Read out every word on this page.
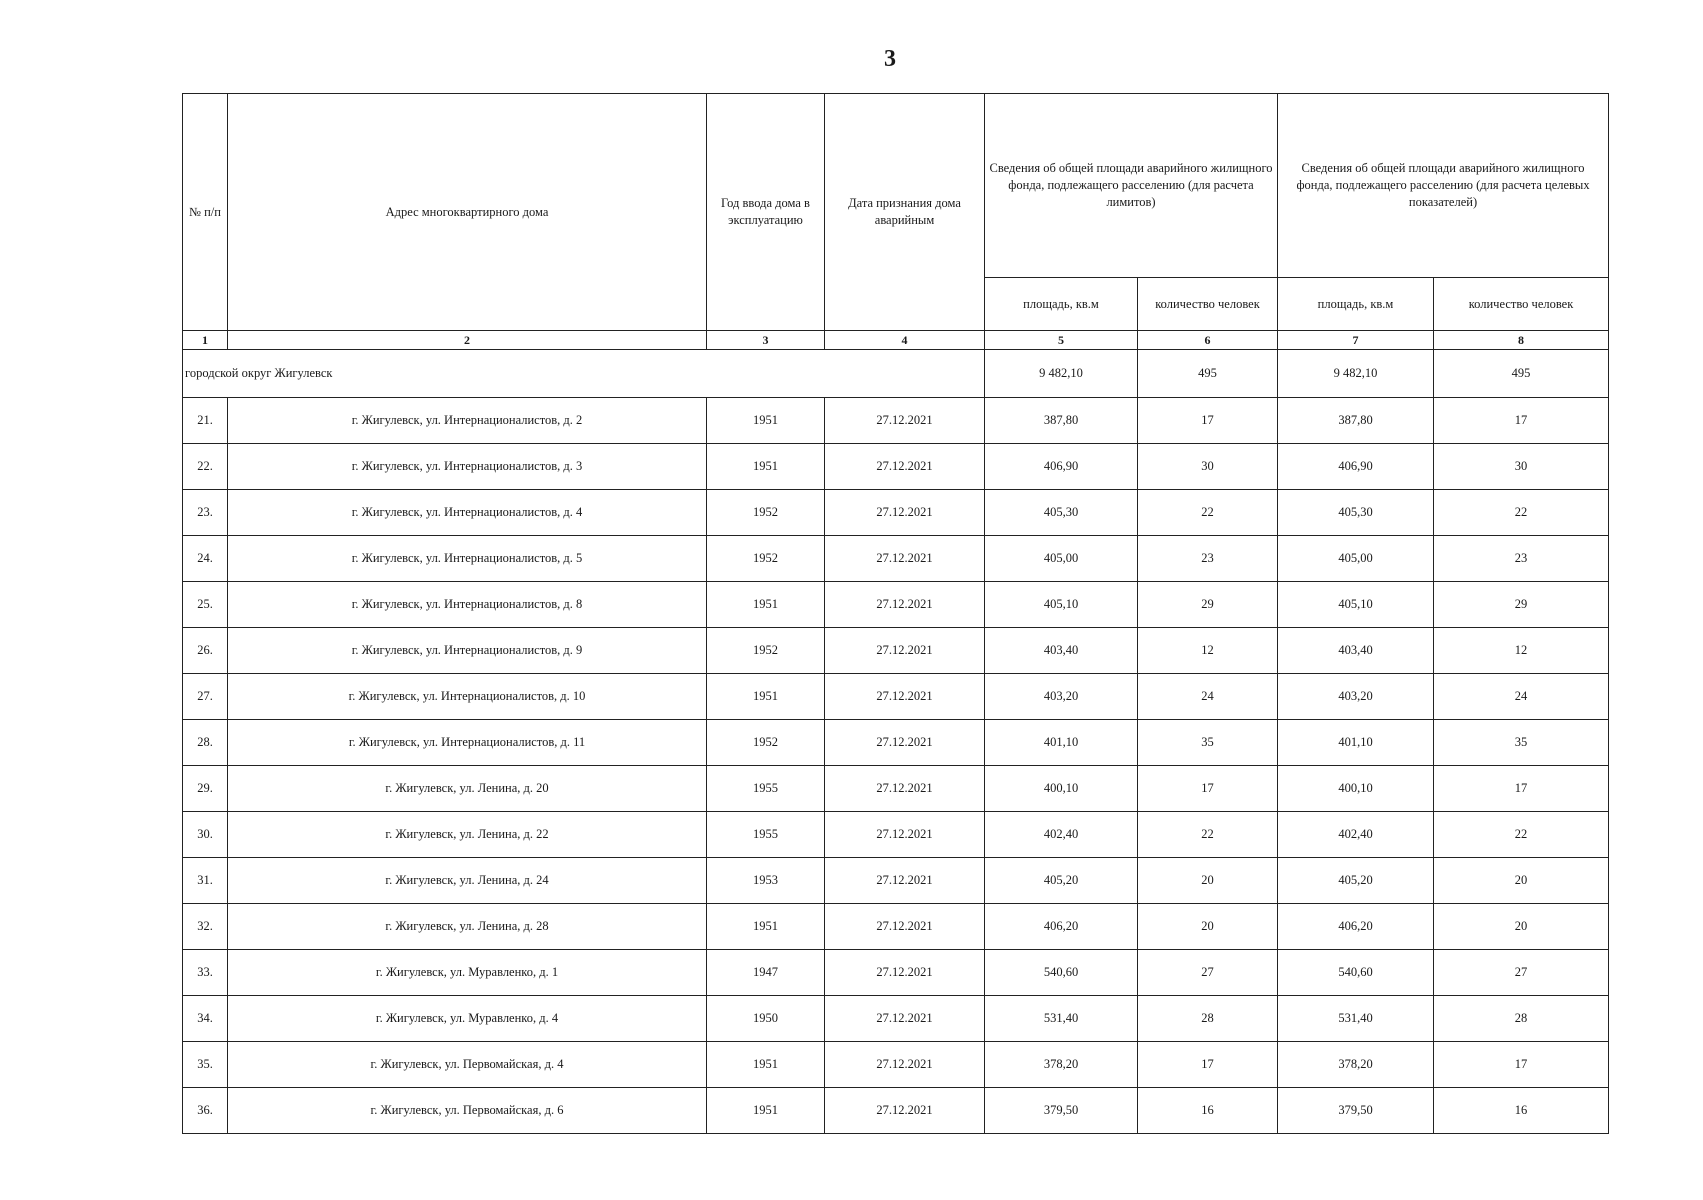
3
№ п/п	Адрес многоквартирного дома	Год ввода дома в эксплуатацию	Дата признания дома аварийным	Сведения об общей площади аварийного жилищного фонда, подлежащего расселению (для расчета лимитов)		Сведения об общей площади аварийного жилищного фонда, подлежащего расселению (для расчета целевых показателей)	
				площадь, кв.м	количество человек	площадь, кв.м	количество человек
1	2	3	4	5	6	7	8
городской округ Жигулевск				9 482,10	495	9 482,10	495
21.	г. Жигулевск, ул. Интернационалистов, д. 2	1951	27.12.2021	387,80	17	387,80	17
22.	г. Жигулевск, ул. Интернационалистов, д. 3	1951	27.12.2021	406,90	30	406,90	30
23.	г. Жигулевск, ул. Интернационалистов, д. 4	1952	27.12.2021	405,30	22	405,30	22
24.	г. Жигулевск, ул. Интернационалистов, д. 5	1952	27.12.2021	405,00	23	405,00	23
25.	г. Жигулевск, ул. Интернационалистов, д. 8	1951	27.12.2021	405,10	29	405,10	29
26.	г. Жигулевск, ул. Интернационалистов, д. 9	1952	27.12.2021	403,40	12	403,40	12
27.	г. Жигулевск, ул. Интернационалистов, д. 10	1951	27.12.2021	403,20	24	403,20	24
28.	г. Жигулевск, ул. Интернационалистов, д. 11	1952	27.12.2021	401,10	35	401,10	35
29.	г. Жигулевск, ул. Ленина, д. 20	1955	27.12.2021	400,10	17	400,10	17
30.	г. Жигулевск, ул. Ленина, д. 22	1955	27.12.2021	402,40	22	402,40	22
31.	г. Жигулевск, ул. Ленина, д. 24	1953	27.12.2021	405,20	20	405,20	20
32.	г. Жигулевск, ул. Ленина, д. 28	1951	27.12.2021	406,20	20	406,20	20
33.	г. Жигулевск, ул. Муравленко, д. 1	1947	27.12.2021	540,60	27	540,60	27
34.	г. Жигулевск, ул. Муравленко, д. 4	1950	27.12.2021	531,40	28	531,40	28
35.	г. Жигулевск, ул. Первомайская, д. 4	1951	27.12.2021	378,20	17	378,20	17
36.	г. Жигулевск, ул. Первомайская, д. 6	1951	27.12.2021	379,50	16	379,50	16
